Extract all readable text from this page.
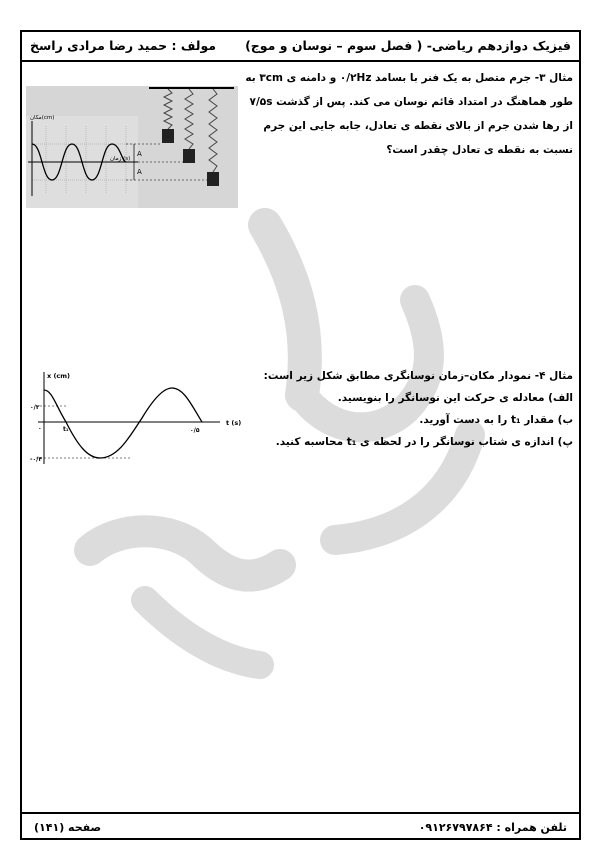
فیزیک دوازدهم ریاضی- ( فصل سوم – نوسان و موج)
مولف : حمید رضا مرادی راسخ
مثال ۳- جرم متصل به یک فنر با بسامد ۰/۲Hz و دامنه ی ۳cm به طور هماهنگ در امتداد قائم نوسان می کند. پس از گذشت ۷/۵s از رها شدن جرم از بالای نقطه ی تعادل، جابه جایی این جرم نسبت به نقطه ی تعادل چقدر است؟
A
A
مکان(cm)
زمان (s)
مثال ۴- نمودار مکان–زمان نوسانگری مطابق شکل زیر است:
الف) معادله ی حرکت این نوسانگر را بنویسید.
ب) مقدار t₁ را به دست آورید.
پ) اندازه ی شتاب نوسانگر را در لحظه ی t₁ محاسبه کنید.
x (cm)
t (s)
۰/۲
-۰/۴
t₁	۰/۵
۰
تلفن همراه : ۰۹۱۲۶۷۹۷۸۶۴
صفحه (۱۴۱)
